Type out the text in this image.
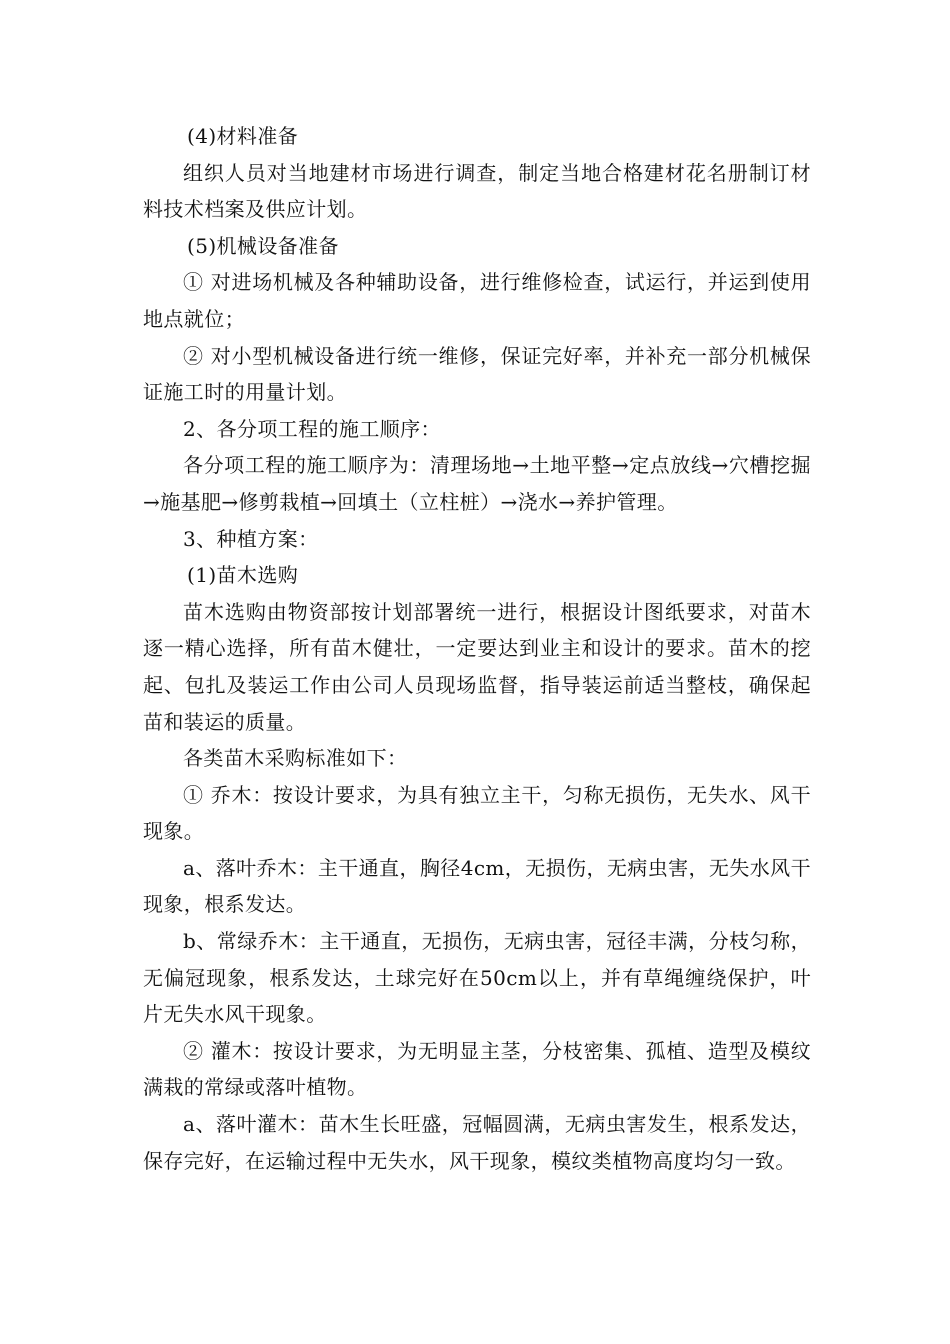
(4)材料准备

组织人员对当地建材市场进行调查，制定当地合格建材花名册制订材料技术档案及供应计划。

(5)机械设备准备

① 对进场机械及各种辅助设备，进行维修检查，试运行，并运到使用地点就位；

② 对小型机械设备进行统一维修，保证完好率，并补充一部分机械保证施工时的用量计划。

2、各分项工程的施工顺序：

各分项工程的施工顺序为：清理场地→土地平整→定点放线→穴槽挖掘→施基肥→修剪栽植→回填土（立柱桩）→浇水→养护管理。

3、种植方案：

(1)苗木选购

苗木选购由物资部按计划部署统一进行，根据设计图纸要求，对苗木逐一精心选择，所有苗木健壮，一定要达到业主和设计的要求。苗木的挖起、包扎及装运工作由公司人员现场监督，指导装运前适当整枝，确保起苗和装运的质量。

各类苗木采购标准如下：

① 乔木：按设计要求，为具有独立主干，匀称无损伤，无失水、风干现象。

a、落叶乔木：主干通直，胸径4cm，无损伤，无病虫害，无失水风干现象，根系发达。

b、常绿乔木：主干通直，无损伤，无病虫害，冠径丰满，分枝匀称，无偏冠现象，根系发达，土球完好在50cm以上，并有草绳缠绕保护，叶片无失水风干现象。

② 灌木：按设计要求，为无明显主茎，分枝密集、孤植、造型及模纹满栽的常绿或落叶植物。

a、落叶灌木：苗木生长旺盛，冠幅圆满，无病虫害发生，根系发达，保存完好，在运输过程中无失水，风干现象，模纹类植物高度均匀一致。
